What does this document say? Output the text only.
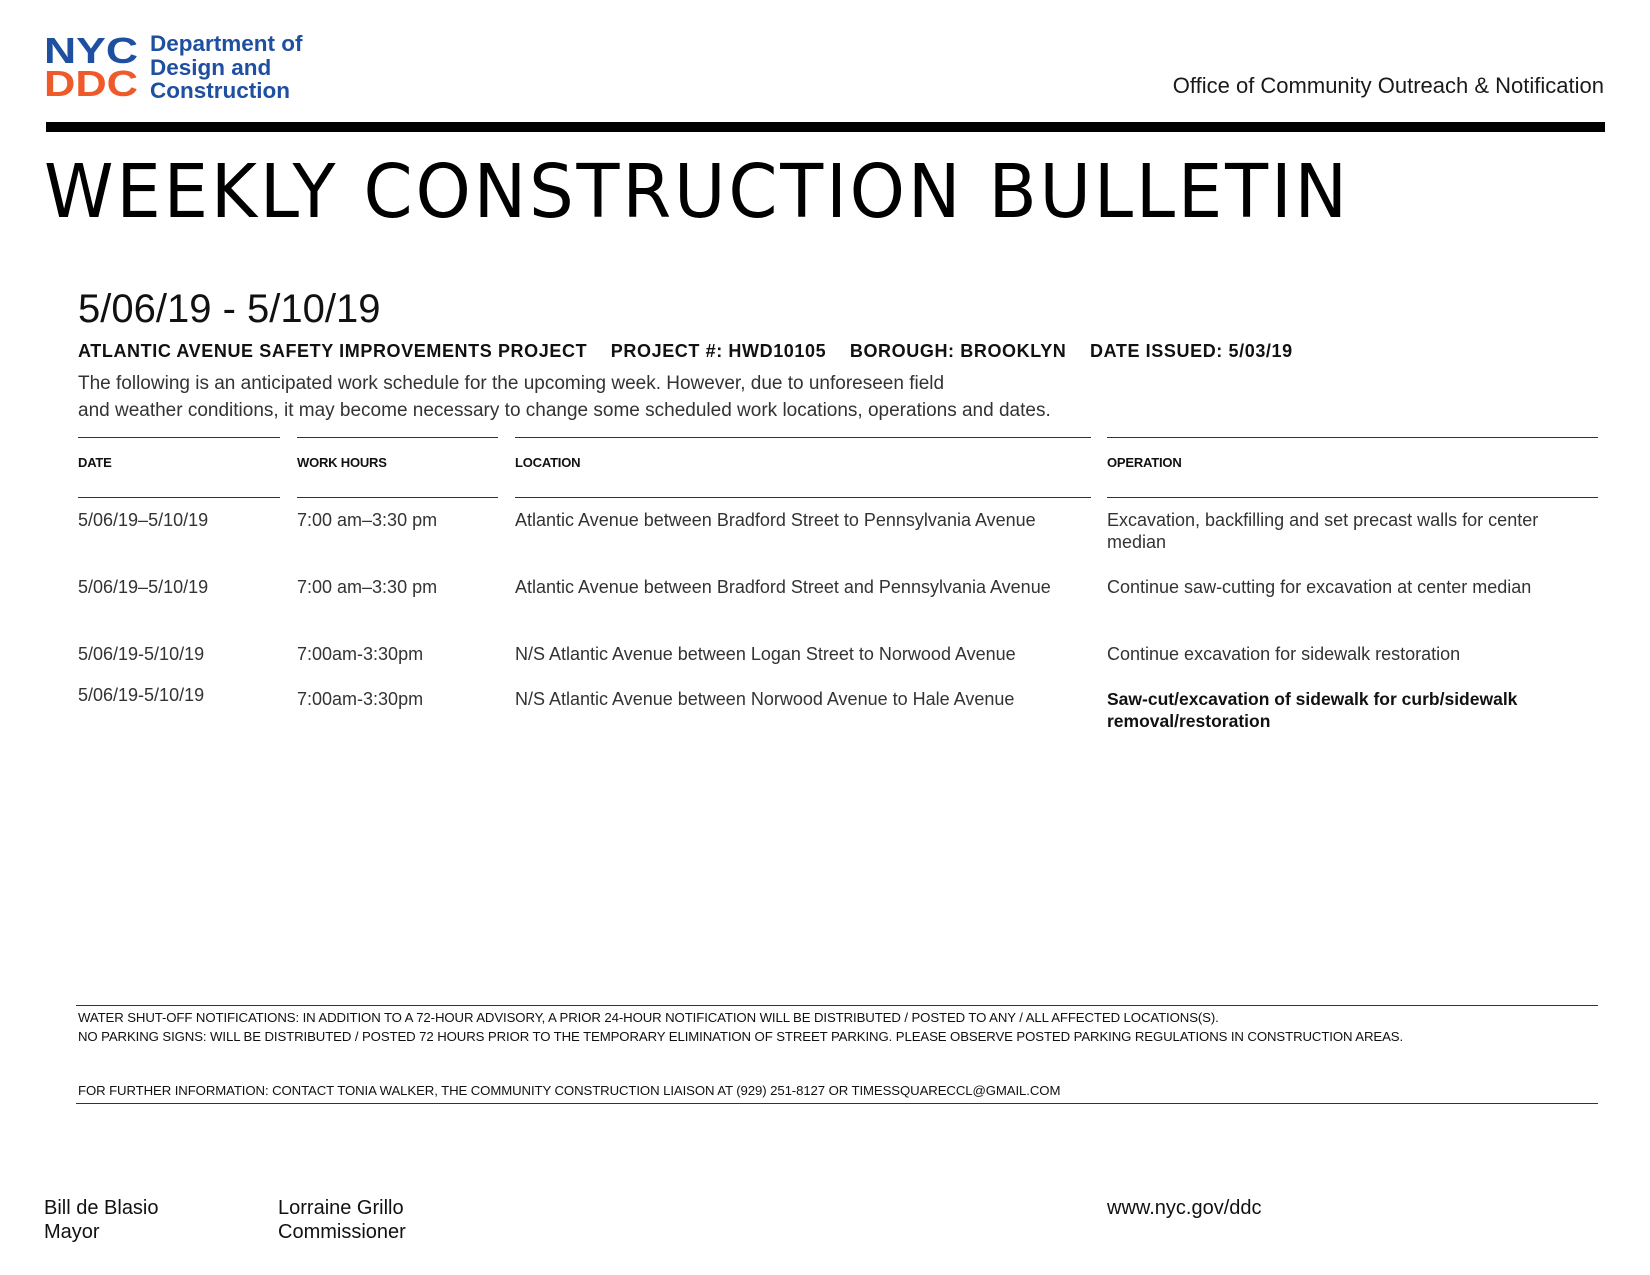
NYC
DDC
Department of
Design and
Construction	Office of Community Outreach & Notification
WEEKLY CONSTRUCTION BULLETIN
5/06/19 - 5/10/19
ATLANTIC AVENUE SAFETY IMPROVEMENTS PROJECT PROJECT #: HWD10105 BOROUGH: BROOKLYN DATE ISSUED: 5/03/19
The following is an anticipated work schedule for the upcoming week. However, due to unforeseen field
and weather conditions, it may become necessary to change some scheduled work locations, operations and dates.
DATE	WORK HOURS	LOCATION	OPERATION
5/06/19–5/10/19	7:00 am–3:30 pm	Atlantic Avenue between Bradford Street to Pennsylvania Avenue	Excavation, backfilling and set precast walls for center median
5/06/19–5/10/19	7:00 am–3:30 pm	Atlantic Avenue between Bradford Street and Pennsylvania Avenue	Continue saw-cutting for excavation at center median
5/06/19-5/10/19	7:00am-3:30pm	N/S Atlantic Avenue between Logan Street to Norwood Avenue	Continue excavation for sidewalk restoration
5/06/19-5/10/19	7:00am-3:30pm	N/S Atlantic Avenue between Norwood Avenue to Hale Avenue	Saw-cut/excavation of sidewalk for curb/sidewalk removal/restoration

WATER SHUT-OFF NOTIFICATIONS: IN ADDITION TO A 72-HOUR ADVISORY, A PRIOR 24-HOUR NOTIFICATION WILL BE DISTRIBUTED / POSTED TO ANY / ALL AFFECTED LOCATIONS(S).

NO PARKING SIGNS: WILL BE DISTRIBUTED / POSTED 72 HOURS PRIOR TO THE TEMPORARY ELIMINATION OF STREET PARKING. PLEASE OBSERVE POSTED PARKING REGULATIONS IN CONSTRUCTION AREAS.

FOR FURTHER INFORMATION: CONTACT TONIA WALKER, THE COMMUNITY CONSTRUCTION LIAISON AT (929) 251-8127 OR TIMESSQUARECCL@GMAIL.COM
Bill de Blasio
Mayor
Lorraine Grillo
Commissioner
www.nyc.gov/ddc
